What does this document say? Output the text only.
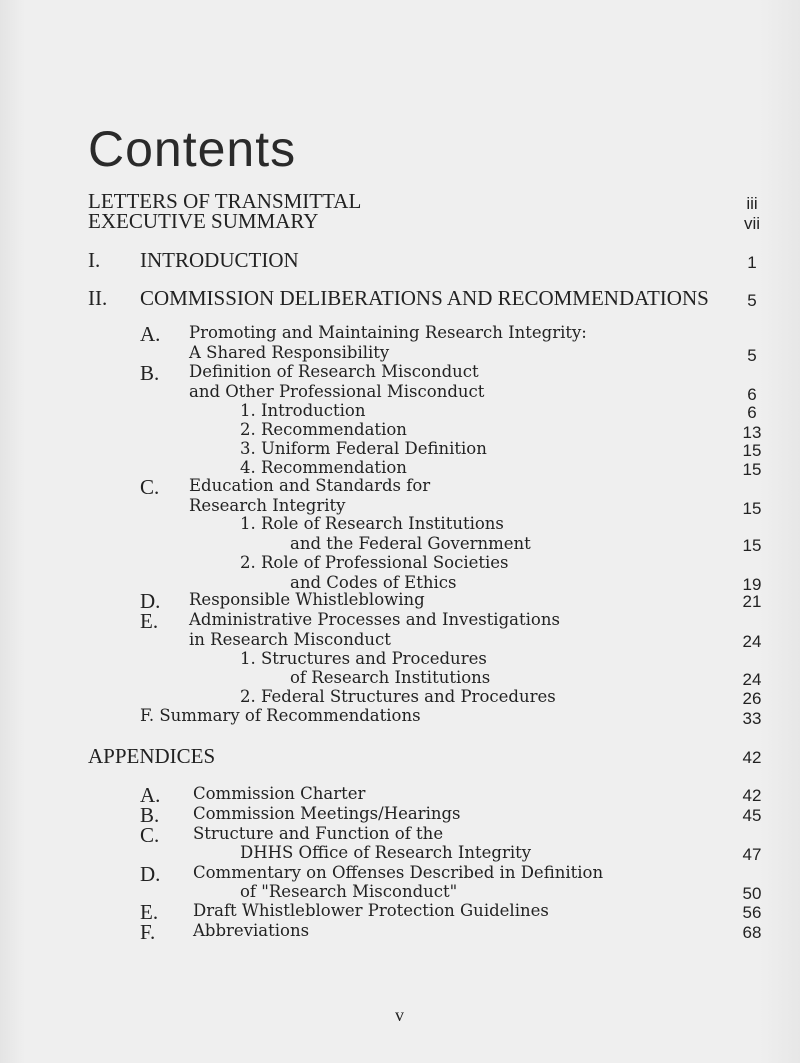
Contents
LETTERS OF TRANSMITTAL	iii
EXECUTIVE SUMMARY	vii
I. INTRODUCTION	1
II. COMMISSION DELIBERATIONS AND RECOMMENDATIONS	5
A. Promoting and Maintaining Research Integrity:
A Shared Responsibility	5
B. Definition of Research Misconduct
and Other Professional Misconduct	6
1. Introduction	6
2. Recommendation	13
3. Uniform Federal Definition	15
4. Recommendation	15
C. Education and Standards for
Research Integrity	15
1. Role of Research Institutions
and the Federal Government	15
2. Role of Professional Societies
and Codes of Ethics	19
D. Responsible Whistleblowing	21
E. Administrative Processes and Investigations
in Research Misconduct	24
1. Structures and Procedures
of Research Institutions	24
2. Federal Structures and Procedures	26
F. Summary of Recommendations	33
APPENDICES	42
A. Commission Charter	42
B. Commission Meetings/Hearings	45
C. Structure and Function of the
DHHS Office of Research Integrity	47
D. Commentary on Offenses Described in Definition
of "Research Misconduct"	50
E. Draft Whistleblower Protection Guidelines	56
F. Abbreviations	68
v
